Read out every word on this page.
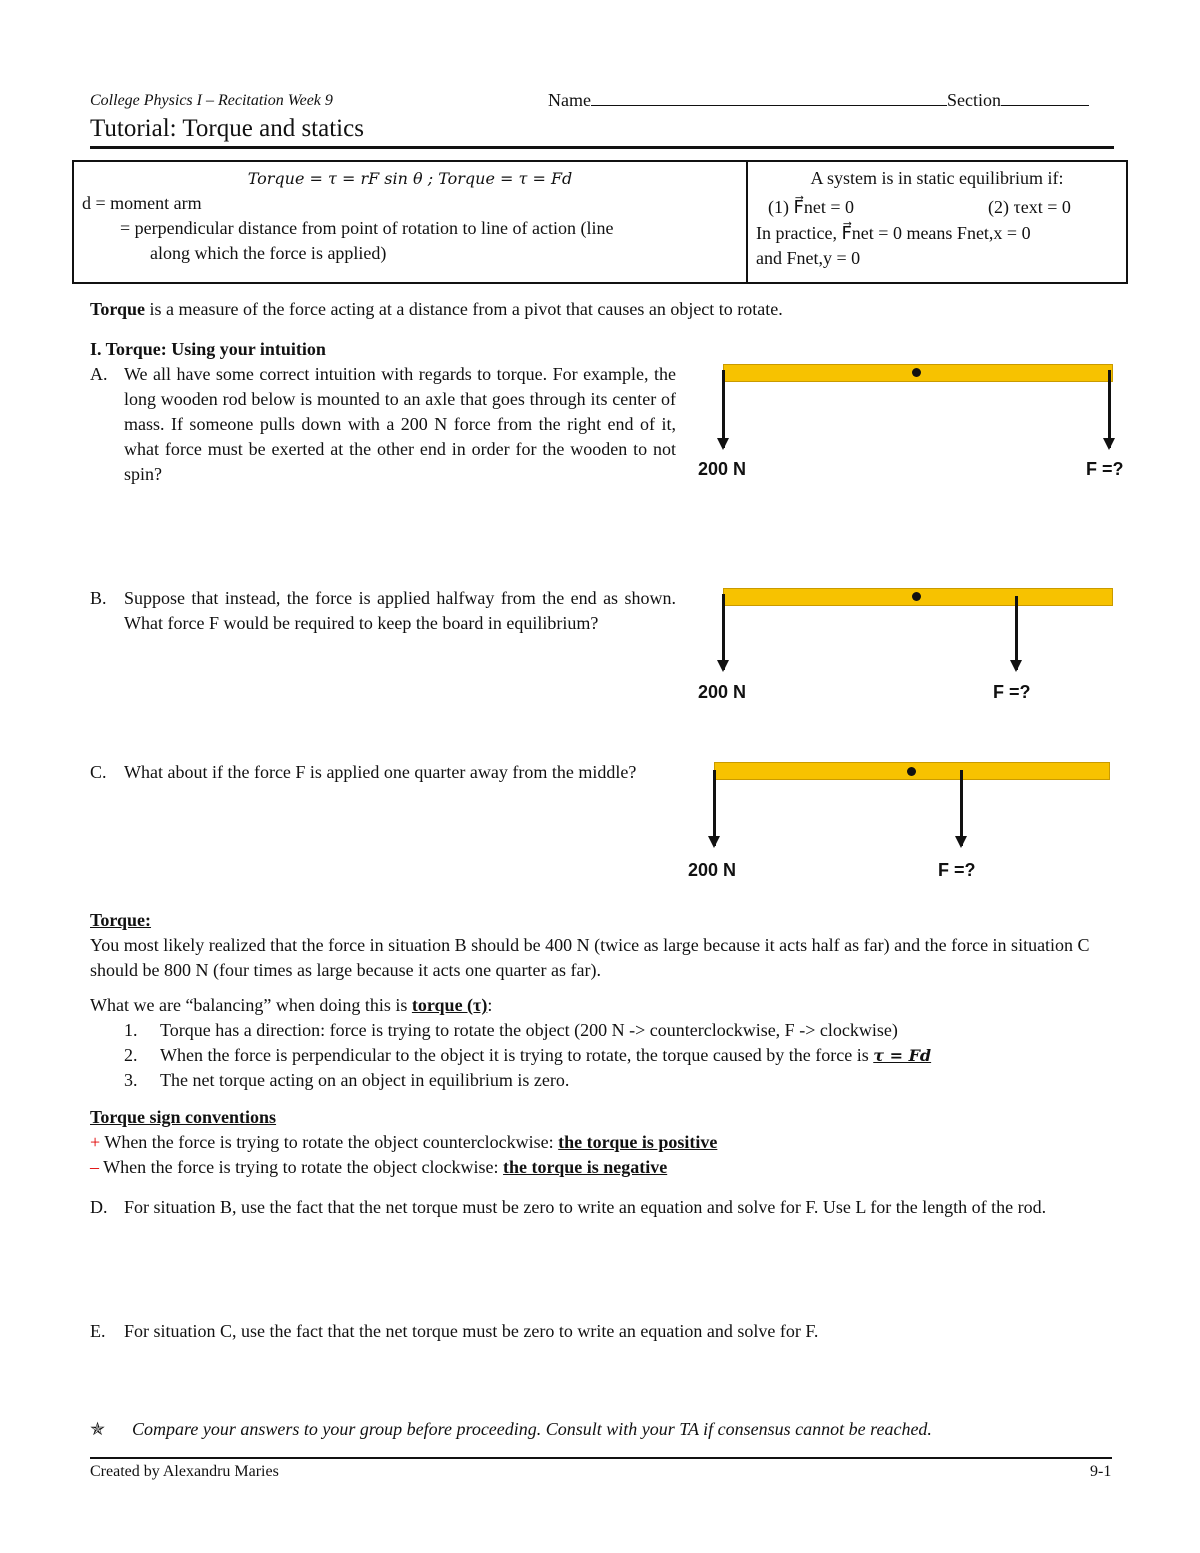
College Physics I – Recitation Week 9	Name	Section
Tutorial: Torque and statics
Torque = τ = rF sin θ ; Torque = τ = Fd
d = moment arm
= perpendicular distance from point of rotation to line of action (line
along which the force is applied)

A system is in static equilibrium if:
(1) F⃗net = 0	(2) τext = 0
In practice, F⃗net = 0 means Fnet,x = 0
and Fnet,y = 0
Torque is a measure of the force acting at a distance from a pivot that causes an object to rotate.
I. Torque: Using your intuition
A. We all have some correct intuition with regards to torque. For example, the long wooden rod below is mounted to an axle that goes through its center of mass. If someone pulls down with a 200 N force from the right end of it, what force must be exerted at the other end in order for the wooden to not spin?
B. Suppose that instead, the force is applied halfway from the end as shown. What force F would be required to keep the board in equilibrium?
C. What about if the force F is applied one quarter away from the middle?
200 N	F =?
200 N	F =?
200 N	F =?
Torque:
You most likely realized that the force in situation B should be 400 N (twice as large because it acts half as far) and the force in situation C should be 800 N (four times as large because it acts one quarter as far).
What we are “balancing” when doing this is torque (τ):
1. Torque has a direction: force is trying to rotate the object (200 N -> counterclockwise, F -> clockwise)
2. When the force is perpendicular to the object it is trying to rotate, the torque caused by the force is τ = Fd
3. The net torque acting on an object in equilibrium is zero.
Torque sign conventions
+ When the force is trying to rotate the object counterclockwise: the torque is positive
– When the force is trying to rotate the object clockwise: the torque is negative
D. For situation B, use the fact that the net torque must be zero to write an equation and solve for F. Use L for the length of the rod.
E. For situation C, use the fact that the net torque must be zero to write an equation and solve for F.
✯ Compare your answers to your group before proceeding. Consult with your TA if consensus cannot be reached.
Created by Alexandru Maries	9-1
